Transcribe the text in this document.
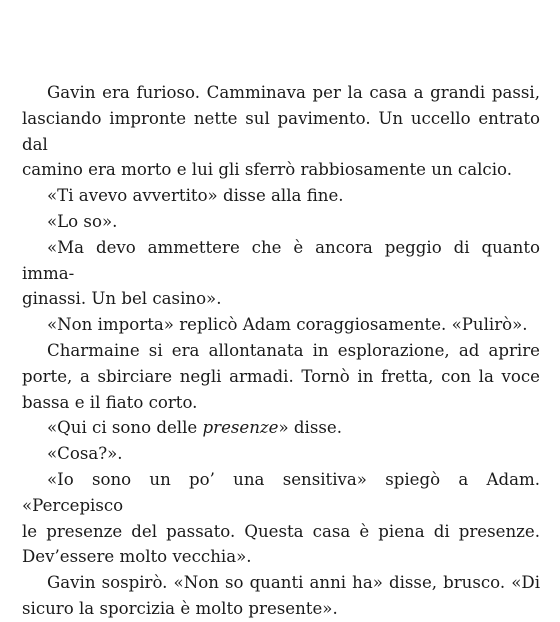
Gavin era furioso. Camminava per la casa a grandi passi,
lasciando impronte nette sul pavimento. Un uccello entrato dal
camino era morto e lui gli sferrò rabbiosamente un calcio.

«Ti avevo avvertito» disse alla fine.

«Lo so».

«Ma devo ammettere che è ancora peggio di quanto imma-
ginassi. Un bel casino».

«Non importa» replicò Adam coraggiosamente. «Pulirò».

Charmaine si era allontanata in esplorazione, ad aprire
porte, a sbirciare negli armadi. Tornò in fretta, con la voce
bassa e il fiato corto.

«Qui ci sono delle presenze» disse.

«Cosa?».

«Io sono un po’ una sensitiva» spiegò a Adam. «Percepisco
le presenze del passato. Questa casa è piena di presenze.
Dev’essere molto vecchia».

Gavin sospirò. «Non so quanti anni ha» disse, brusco. «Di
sicuro la sporcizia è molto presente».
